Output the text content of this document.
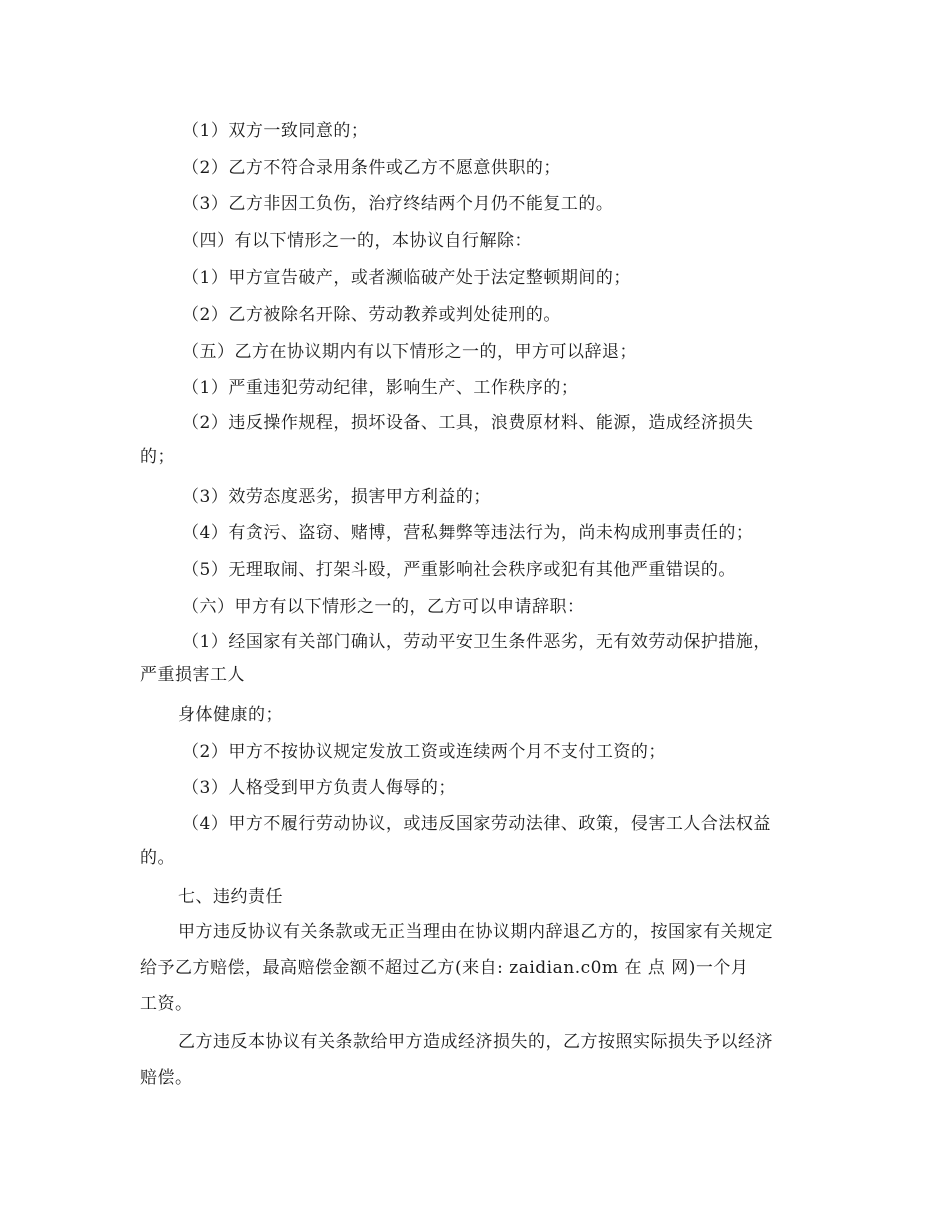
（1）双方一致同意的；
（2）乙方不符合录用条件或乙方不愿意供职的；
（3）乙方非因工负伤，治疗终结两个月仍不能复工的。
（四）有以下情形之一的，本协议自行解除：
（1）甲方宣告破产，或者濒临破产处于法定整顿期间的；
（2）乙方被除名开除、劳动教养或判处徒刑的。
（五）乙方在协议期内有以下情形之一的，甲方可以辞退；
（1）严重违犯劳动纪律，影响生产、工作秩序的；
（2）违反操作规程，损坏设备、工具，浪费原材料、能源，造成经济损失
的；
（3）效劳态度恶劣，损害甲方利益的；
（4）有贪污、盗窃、赌博，营私舞弊等违法行为，尚未构成刑事责任的；
（5）无理取闹、打架斗殴，严重影响社会秩序或犯有其他严重错误的。
（六）甲方有以下情形之一的，乙方可以申请辞职：
（1）经国家有关部门确认，劳动平安卫生条件恶劣，无有效劳动保护措施，
严重损害工人
身体健康的；
（2）甲方不按协议规定发放工资或连续两个月不支付工资的；
（3）人格受到甲方负责人侮辱的；
（4）甲方不履行劳动协议，或违反国家劳动法律、政策，侵害工人合法权益
的。
七、违约责任
甲方违反协议有关条款或无正当理由在协议期内辞退乙方的，按国家有关规定
给予乙方赔偿，最高赔偿金额不超过乙方(来自: zaidian.c0m 在 点 网)一个月
工资。
乙方违反本协议有关条款给甲方造成经济损失的，乙方按照实际损失予以经济
赔偿。
